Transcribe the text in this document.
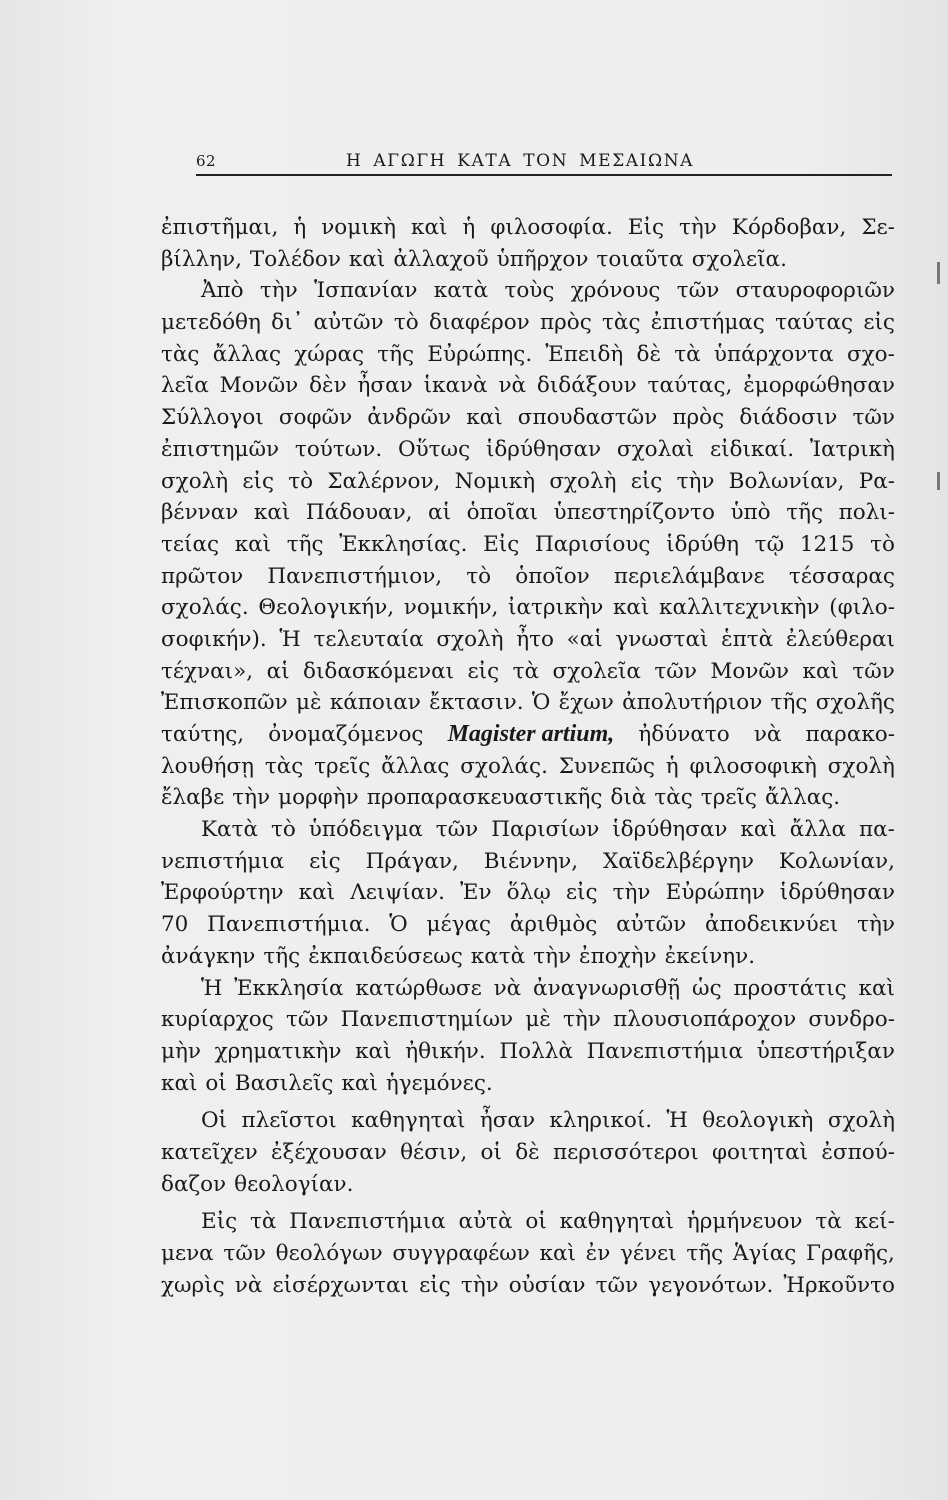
62	Η ΑΓΩΓΗ ΚΑΤΑ ΤΟΝ ΜΕΣΑΙΩΝΑ
ἐπιστῆμαι, ἡ νομικὴ καὶ ἡ φιλοσοφία. Εἰς τὴν Κόρδοβαν, Σε-
βίλλην, Τολέδον καὶ ἀλλαχοῦ ὑπῆρχον τοιαῦτα σχολεῖα.
Ἀπὸ τὴν Ἱσπανίαν κατὰ τοὺς χρόνους τῶν σταυροφοριῶν
μετεδόθη δι᾿ αὐτῶν τὸ διαφέρον πρὸς τὰς ἐπιστήμας ταύτας εἰς
τὰς ἄλλας χώρας τῆς Εὐρώπης. Ἐπειδὴ δὲ τὰ ὑπάρχοντα σχο-
λεῖα Μονῶν δὲν ἦσαν ἱκανὰ νὰ διδάξουν ταύτας, ἐμορφώθησαν
Σύλλογοι σοφῶν ἀνδρῶν καὶ σπουδαστῶν πρὸς διάδοσιν τῶν
ἐπιστημῶν τούτων. Οὕτως ἱδρύθησαν σχολαὶ εἰδικαί. Ἰατρικὴ
σχολὴ εἰς τὸ Σαλέρνον, Νομικὴ σχολὴ εἰς τὴν Βολωνίαν, Ρα-
βένναν καὶ Πάδουαν, αἱ ὁποῖαι ὑπεστηρίζοντο ὑπὸ τῆς πολι-
τείας καὶ τῆς Ἐκκλησίας. Εἰς Παρισίους ἱδρύθη τῷ 1215 τὸ
πρῶτον Πανεπιστήμιον, τὸ ὁποῖον περιελάμβανε τέσσαρας
σχολάς. Θεολογικήν, νομικήν, ἰατρικὴν καὶ καλλιτεχνικὴν (φιλο-
σοφικήν). Ἡ τελευταία σχολὴ ἦτο «αἱ γνωσταὶ ἑπτὰ ἐλεύθεραι
τέχναι», αἱ διδασκόμεναι εἰς τὰ σχολεῖα τῶν Μονῶν καὶ τῶν
Ἐπισκοπῶν μὲ κάποιαν ἔκτασιν. Ὁ ἔχων ἀπολυτήριον τῆς σχολῆς
ταύτης, ὀνομαζόμενος Magister artium, ἠδύνατο νὰ παρακο-
λουθήσῃ τὰς τρεῖς ἄλλας σχολάς. Συνεπῶς ἡ φιλοσοφικὴ σχολὴ
ἔλαβε τὴν μορφὴν προπαρασκευαστικῆς διὰ τὰς τρεῖς ἄλλας.
Κατὰ τὸ ὑπόδειγμα τῶν Παρισίων ἱδρύθησαν καὶ ἄλλα πα-
νεπιστήμια εἰς Πράγαν, Βιέννην, Χαϊδελβέργην Κολωνίαν,
Ἐρφούρτην καὶ Λειψίαν. Ἐν ὅλῳ εἰς τὴν Εὐρώπην ἱδρύθησαν
70 Πανεπιστήμια. Ὁ μέγας ἀριθμὸς αὐτῶν ἀποδεικνύει τὴν
ἀνάγκην τῆς ἐκπαιδεύσεως κατὰ τὴν ἐποχὴν ἐκείνην.
Ἡ Ἐκκλησία κατώρθωσε νὰ ἀναγνωρισθῇ ὡς προστάτις καὶ
κυρίαρχος τῶν Πανεπιστημίων μὲ τὴν πλουσιοπάροχον συνδρο-
μὴν χρηματικὴν καὶ ἠθικήν. Πολλὰ Πανεπιστήμια ὑπεστήριξαν
καὶ οἱ Βασιλεῖς καὶ ἡγεμόνες.
Οἱ πλεῖστοι καθηγηταὶ ἦσαν κληρικοί. Ἡ θεολογικὴ σχολὴ
κατεῖχεν ἐξέχουσαν θέσιν, οἱ δὲ περισσότεροι φοιτηταὶ ἐσπού-
δαζον θεολογίαν.
Εἰς τὰ Πανεπιστήμια αὐτὰ οἱ καθηγηταὶ ἡρμήνευον τὰ κεί-
μενα τῶν θεολόγων συγγραφέων καὶ ἐν γένει τῆς Ἁγίας Γραφῆς,
χωρὶς νὰ εἰσέρχωνται εἰς τὴν οὐσίαν τῶν γεγονότων. Ἠρκοῦντο
